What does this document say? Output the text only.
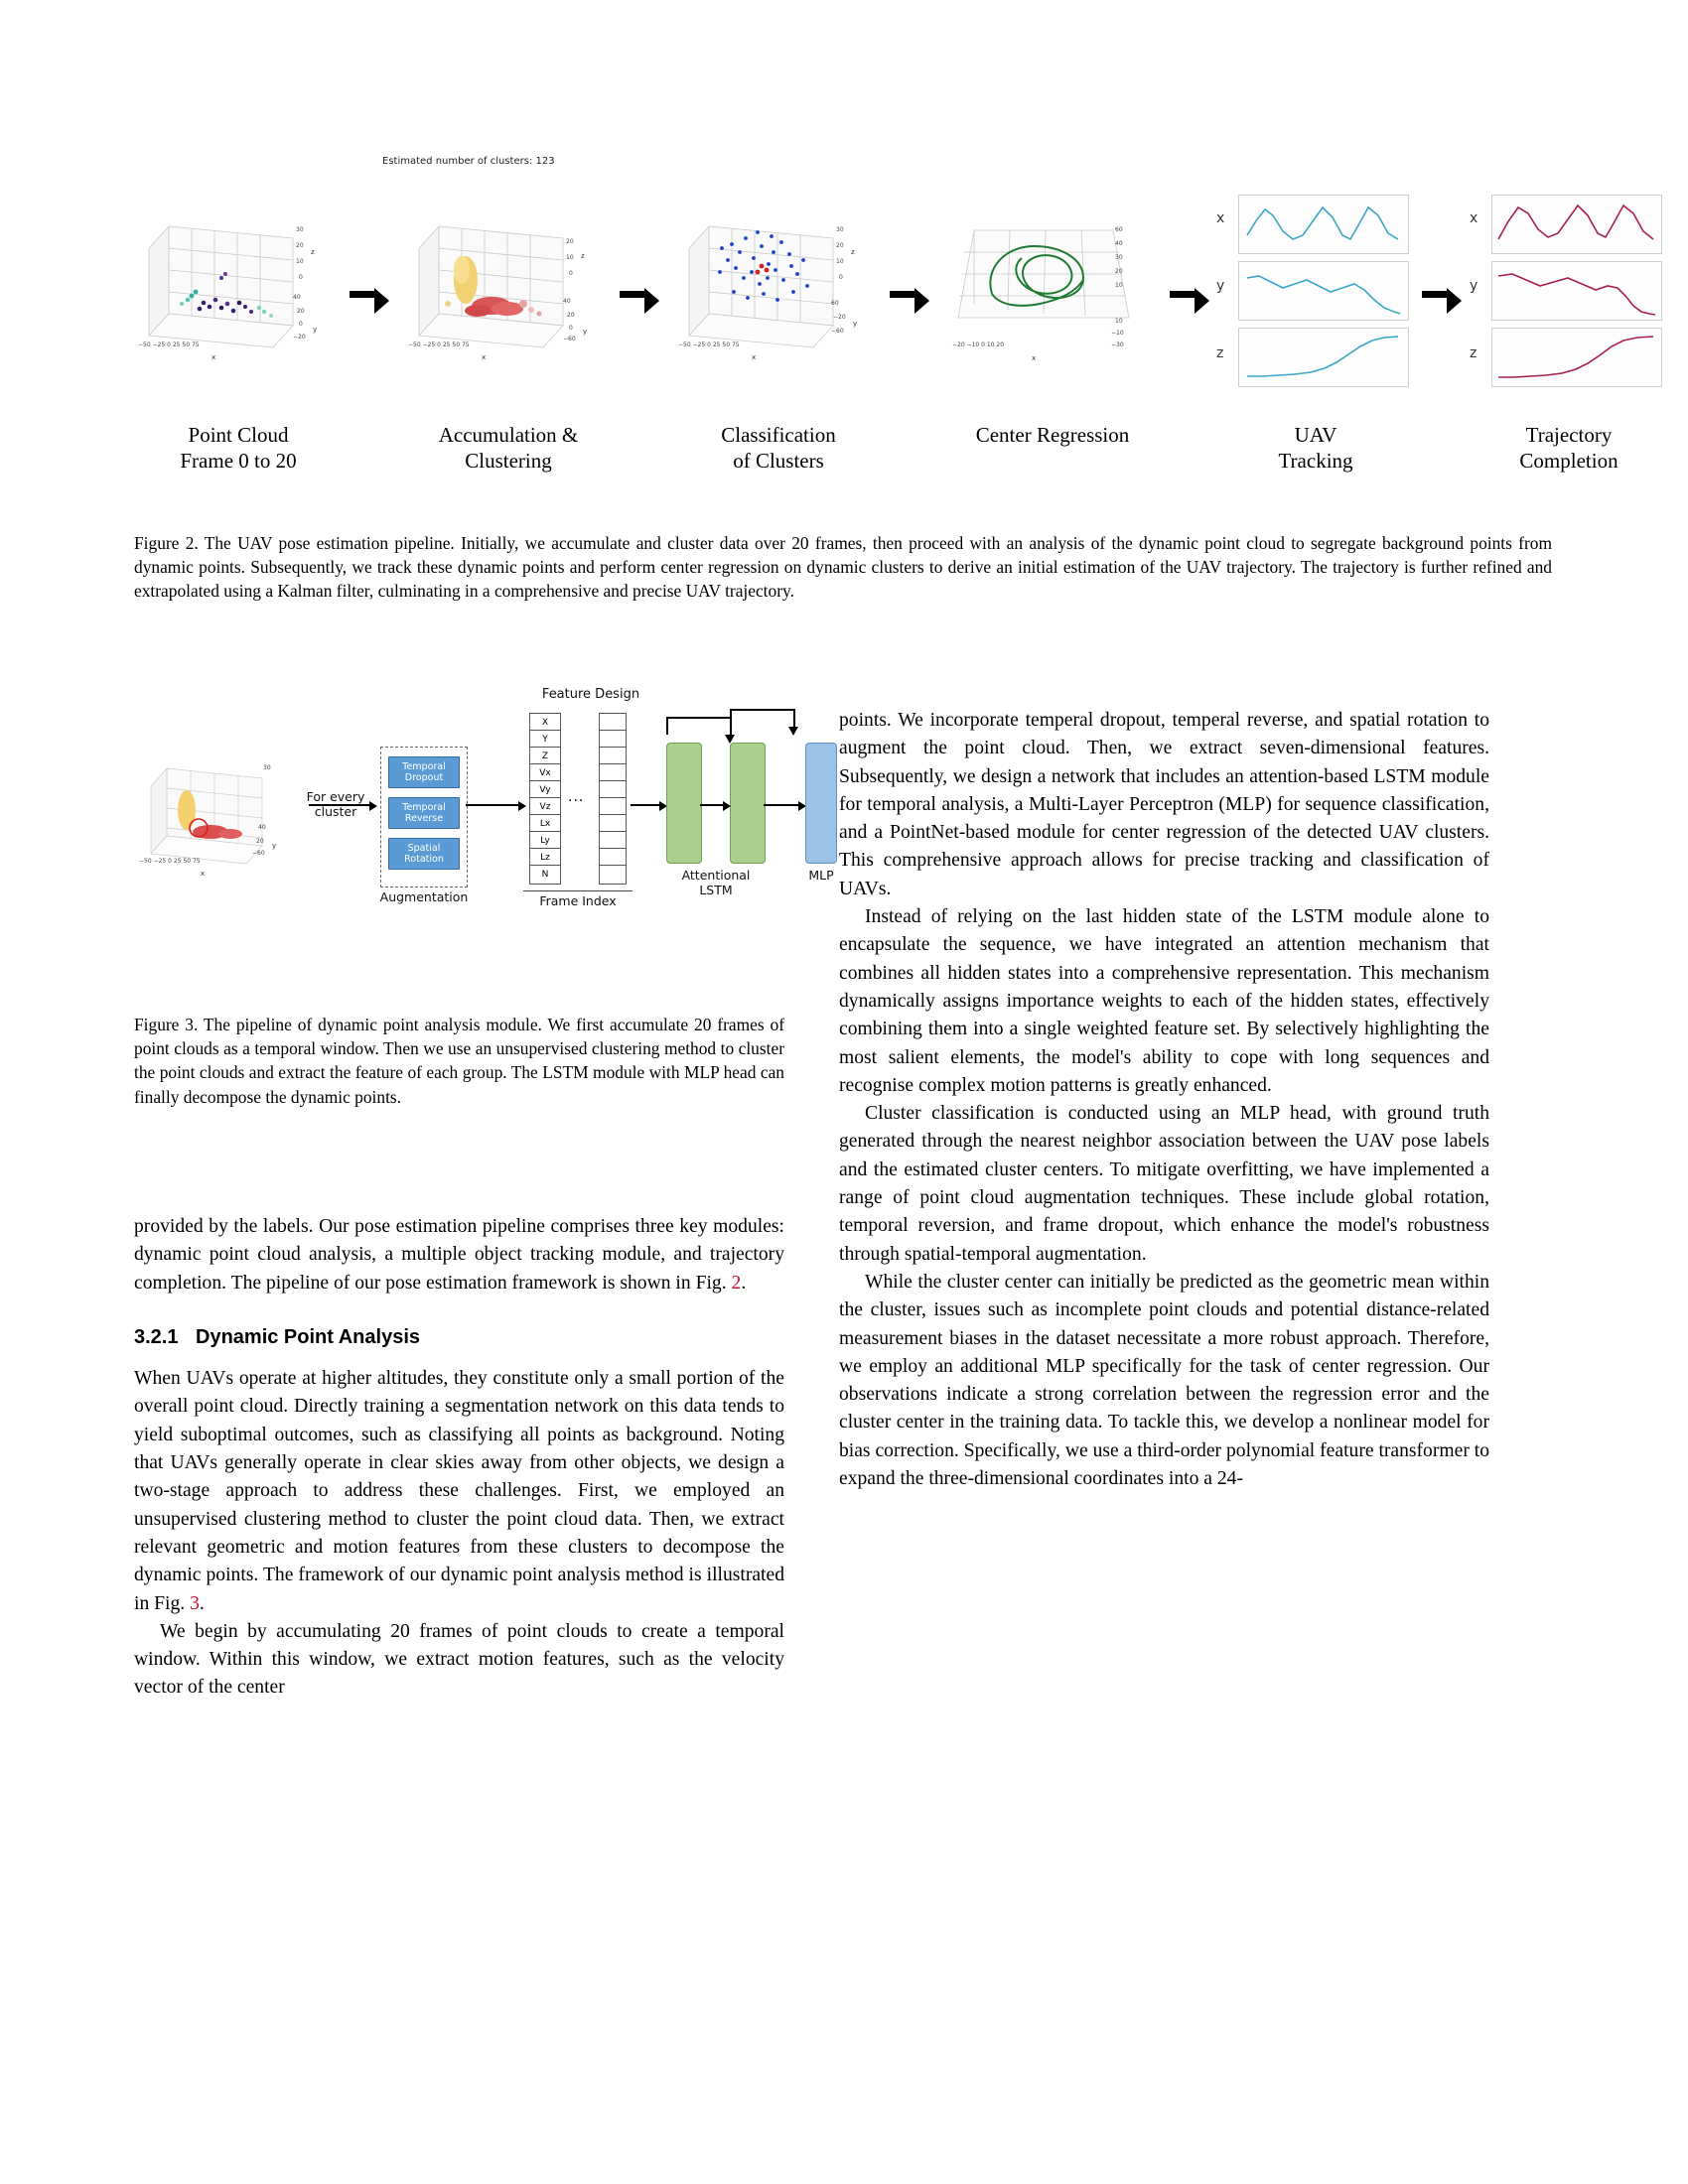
Estimated number of clusters: 123
30
20
10
0
z
40
20
0
−20
y
−50 −25 0 25 50 75
x
20
10
0
z
40
20
0
−60
y
−50 −25 0 25 50 75
x
30
20
10
0
z
60
−20
−60
y
−50 −25 0 25 50 75
x
60
40
30
20
10
10
−10
−30
−20 −10 0 10 20
x
x
y
z
x
y
z
Point Cloud
Frame 0 to 20
Accumulation &
Clustering
Classification
of Clusters
Center Regression	UAV
Tracking
Trajectory
Completion
Figure 2. The UAV pose estimation pipeline. Initially, we accumulate and cluster data over 20 frames, then proceed with an analysis of the dynamic point cloud to segregate background points from dynamic points. Subsequently, we track these dynamic points and perform center regression on dynamic clusters to derive an initial estimation of the UAV trajectory. The trajectory is further refined and extrapolated using a Kalman filter, culminating in a comprehensive and precise UAV trajectory.
Feature Design
30
40
20
−60
y
−50 −25 0 25 50 75
x
For every
cluster
Temporal
Dropout
Temporal
Reverse
Spatial
Rotation
Augmentation
X
Y
Z
Vx
Vy
Vz
Lx
Ly
Lz
N
...
Frame Index
Attentional
LSTM
MLP
Figure 3. The pipeline of dynamic point analysis module. We first accumulate 20 frames of point clouds as a temporal window. Then we use an unsupervised clustering method to cluster the point clouds and extract the feature of each group. The LSTM module with MLP head can finally decompose the dynamic points.

provided by the labels. Our pose estimation pipeline comprises three key modules: dynamic point cloud analysis, a multiple object tracking module, and trajectory completion. The pipeline of our pose estimation framework is shown in Fig. 2.

3.2.1 Dynamic Point Analysis

When UAVs operate at higher altitudes, they constitute only a small portion of the overall point cloud. Directly training a segmentation network on this data tends to yield suboptimal outcomes, such as classifying all points as background. Noting that UAVs generally operate in clear skies away from other objects, we design a two-stage approach to address these challenges. First, we employed an unsupervised clustering method to cluster the point cloud data. Then, we extract relevant geometric and motion features from these clusters to decompose the dynamic points. The framework of our dynamic point analysis method is illustrated in Fig. 3.

We begin by accumulating 20 frames of point clouds to create a temporal window. Within this window, we extract motion features, such as the velocity vector of the center

points. We incorporate temperal dropout, temperal reverse, and spatial rotation to augment the point cloud. Then, we extract seven-dimensional features. Subsequently, we design a network that includes an attention-based LSTM module for temporal analysis, a Multi-Layer Perceptron (MLP) for sequence classification, and a PointNet-based module for center regression of the detected UAV clusters. This comprehensive approach allows for precise tracking and classification of UAVs.

Instead of relying on the last hidden state of the LSTM module alone to encapsulate the sequence, we have integrated an attention mechanism that combines all hidden states into a comprehensive representation. This mechanism dynamically assigns importance weights to each of the hidden states, effectively combining them into a single weighted feature set. By selectively highlighting the most salient elements, the model's ability to cope with long sequences and recognise complex motion patterns is greatly enhanced.

Cluster classification is conducted using an MLP head, with ground truth generated through the nearest neighbor association between the UAV pose labels and the estimated cluster centers. To mitigate overfitting, we have implemented a range of point cloud augmentation techniques. These include global rotation, temporal reversion, and frame dropout, which enhance the model's robustness through spatial-temporal augmentation.

While the cluster center can initially be predicted as the geometric mean within the cluster, issues such as incomplete point clouds and potential distance-related measurement biases in the dataset necessitate a more robust approach. Therefore, we employ an additional MLP specifically for the task of center regression. Our observations indicate a strong correlation between the regression error and the cluster center in the training data. To tackle this, we develop a nonlinear model for bias correction. Specifically, we use a third-order polynomial feature transformer to expand the three-dimensional coordinates into a 24-
